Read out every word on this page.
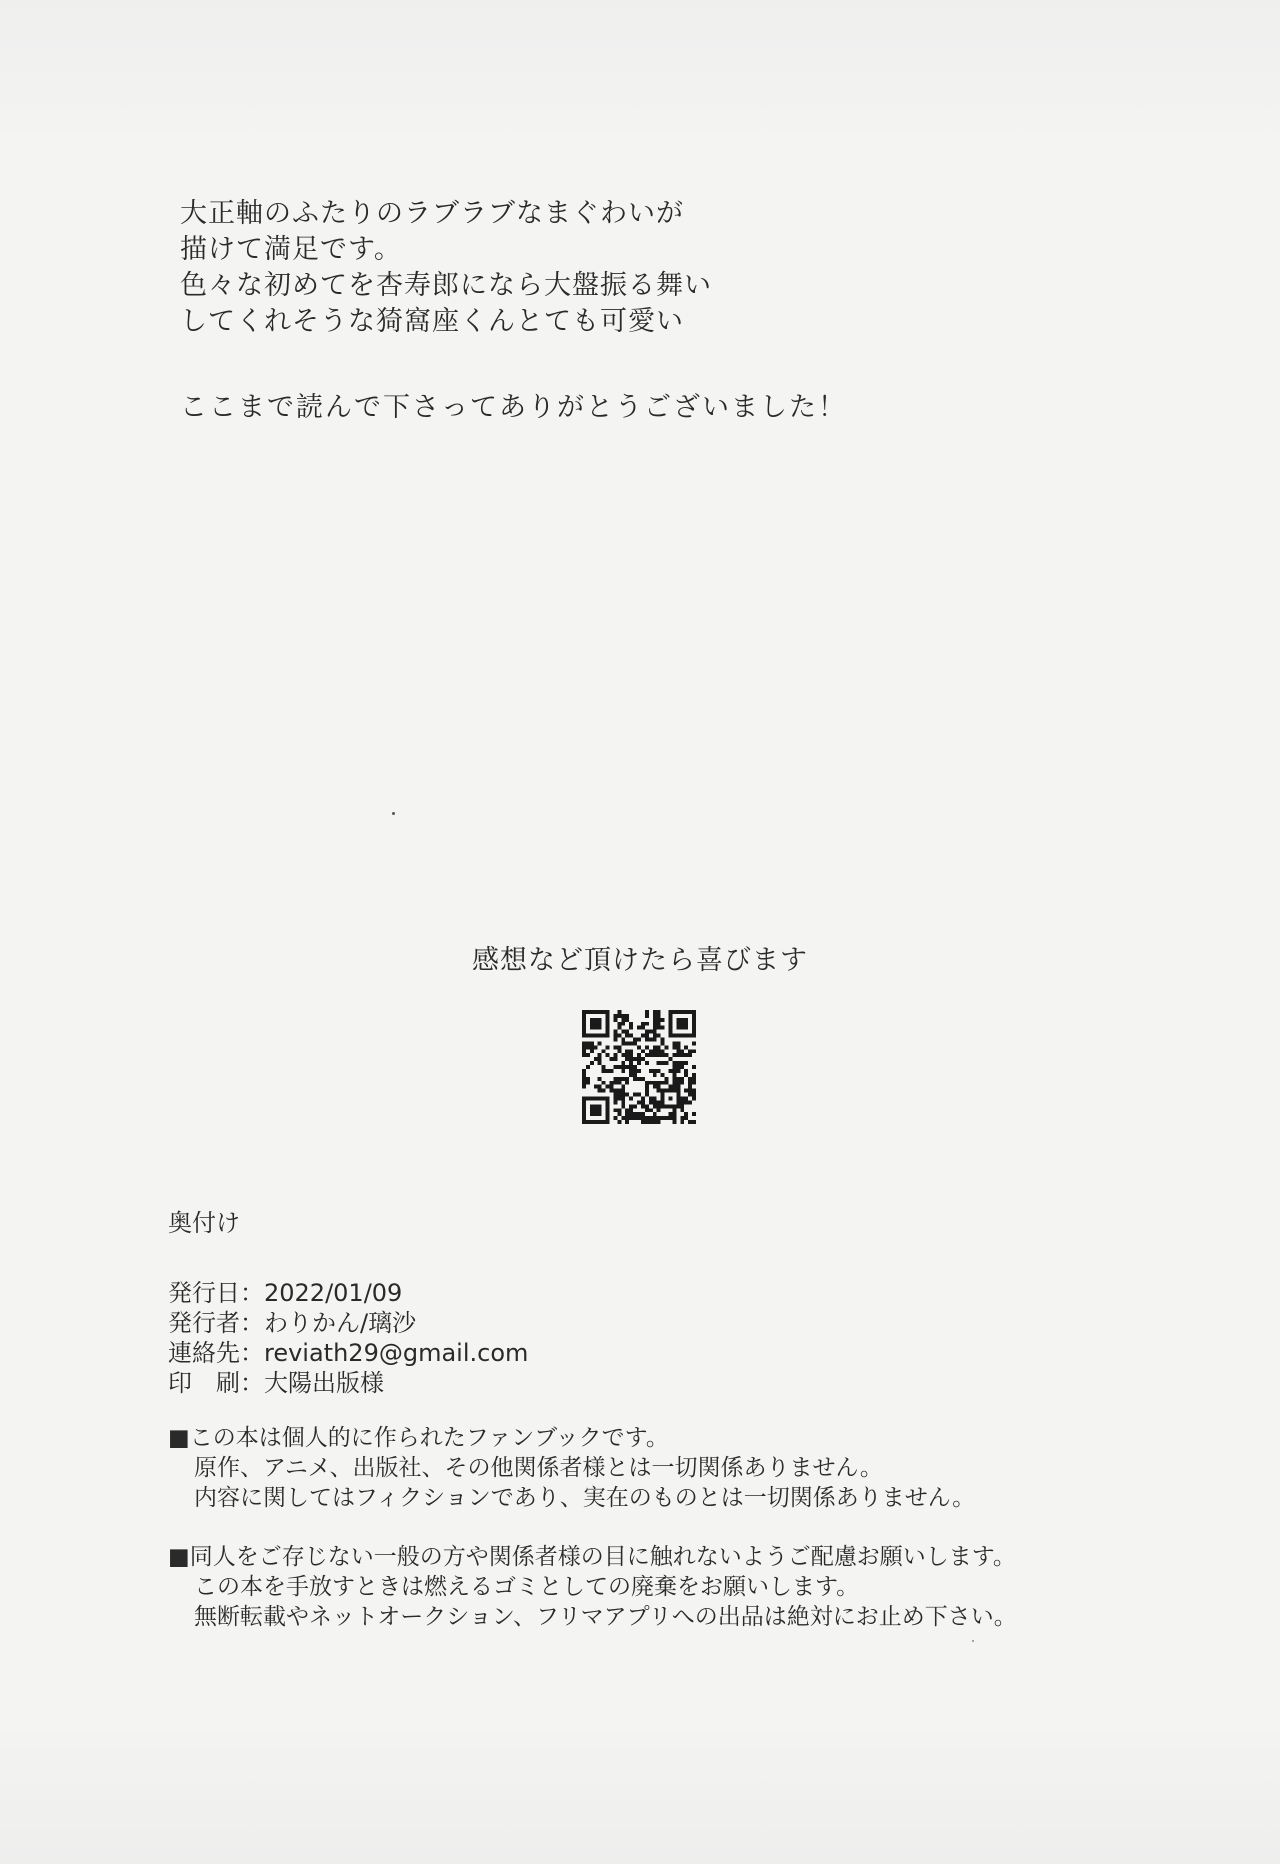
大正軸のふたりのラブラブなまぐわいが
描けて満足です。
色々な初めてを杏寿郎になら大盤振る舞い
してくれそうな猗窩座くんとても可愛い
ここまで読んで下さってありがとうございました！
感想など頂けたら喜びます
奥付け
発行日：2022/01/09
発行者：わりかん/璃沙
連絡先：reviath29@gmail.com
印　刷：大陽出版様
■この本は個人的に作られたファンブックです。
原作、アニメ、出版社、その他関係者様とは一切関係ありません。
内容に関してはフィクションであり、実在のものとは一切関係ありません。
■同人をご存じない一般の方や関係者様の目に触れないようご配慮お願いします。
この本を手放すときは燃えるゴミとしての廃棄をお願いします。
無断転載やネットオークション、フリマアプリへの出品は絶対にお止め下さい。
